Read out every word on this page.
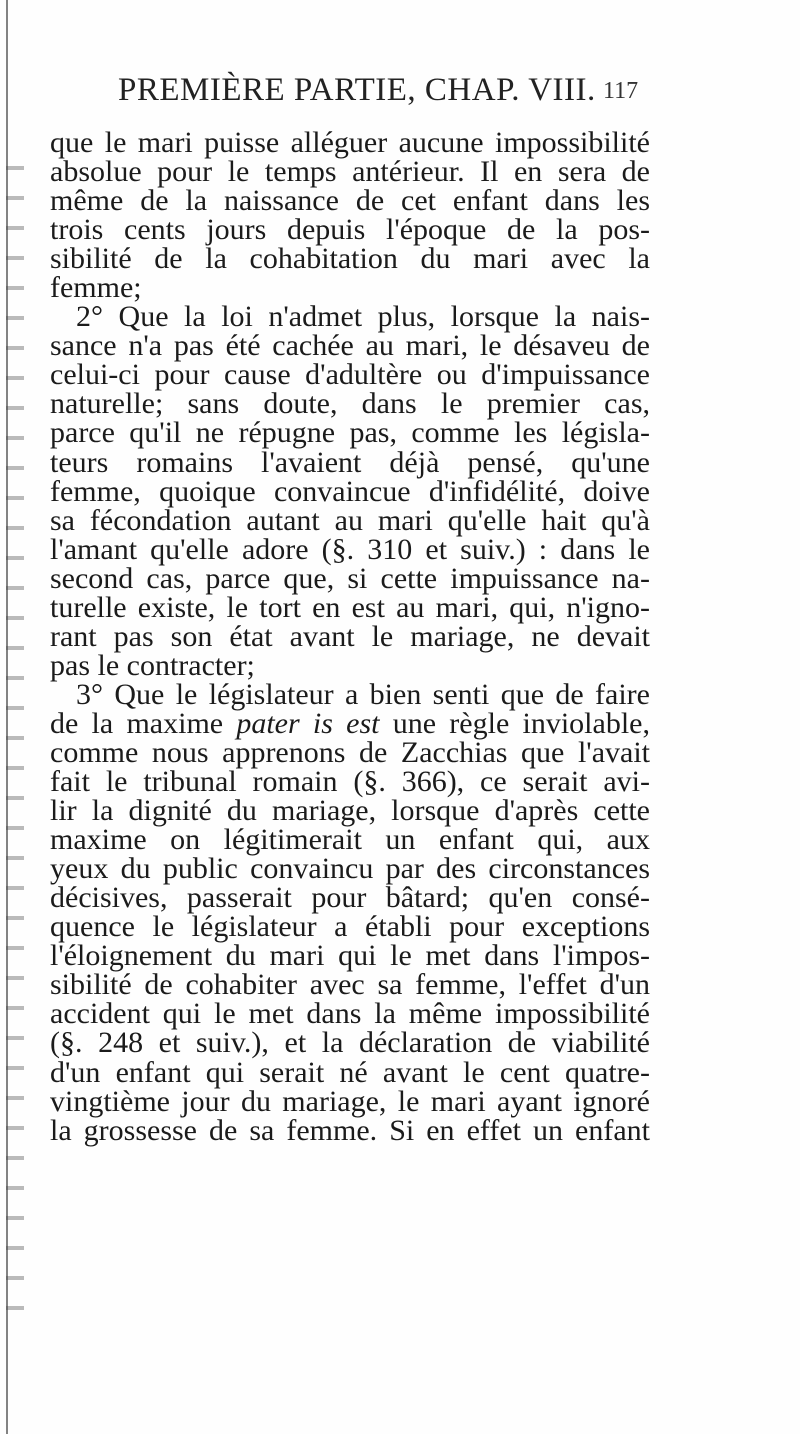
PREMIÈRE PARTIE, CHAP. VIII. 117
que le mari puisse alléguer aucune impossibilité
absolue pour le temps antérieur. Il en sera de
même de la naissance de cet enfant dans les
trois cents jours depuis l'époque de la pos-
sibilité de la cohabitation du mari avec la
femme;
2° Que la loi n'admet plus, lorsque la nais-
sance n'a pas été cachée au mari, le désaveu de
celui-ci pour cause d'adultère ou d'impuissance
naturelle; sans doute, dans le premier cas,
parce qu'il ne répugne pas, comme les législa-
teurs romains l'avaient déjà pensé, qu'une
femme, quoique convaincue d'infidélité, doive
sa fécondation autant au mari qu'elle hait qu'à
l'amant qu'elle adore (§. 310 et suiv.) : dans le
second cas, parce que, si cette impuissance na-
turelle existe, le tort en est au mari, qui, n'igno-
rant pas son état avant le mariage, ne devait
pas le contracter;
3° Que le législateur a bien senti que de faire
de la maxime pater is est une règle inviolable,
comme nous apprenons de Zacchias que l'avait
fait le tribunal romain (§. 366), ce serait avi-
lir la dignité du mariage, lorsque d'après cette
maxime on légitimerait un enfant qui, aux
yeux du public convaincu par des circonstances
décisives, passerait pour bâtard; qu'en consé-
quence le législateur a établi pour exceptions
l'éloignement du mari qui le met dans l'impos-
sibilité de cohabiter avec sa femme, l'effet d'un
accident qui le met dans la même impossibilité
(§. 248 et suiv.), et la déclaration de viabilité
d'un enfant qui serait né avant le cent quatre-
vingtième jour du mariage, le mari ayant ignoré
la grossesse de sa femme. Si en effet un enfant
